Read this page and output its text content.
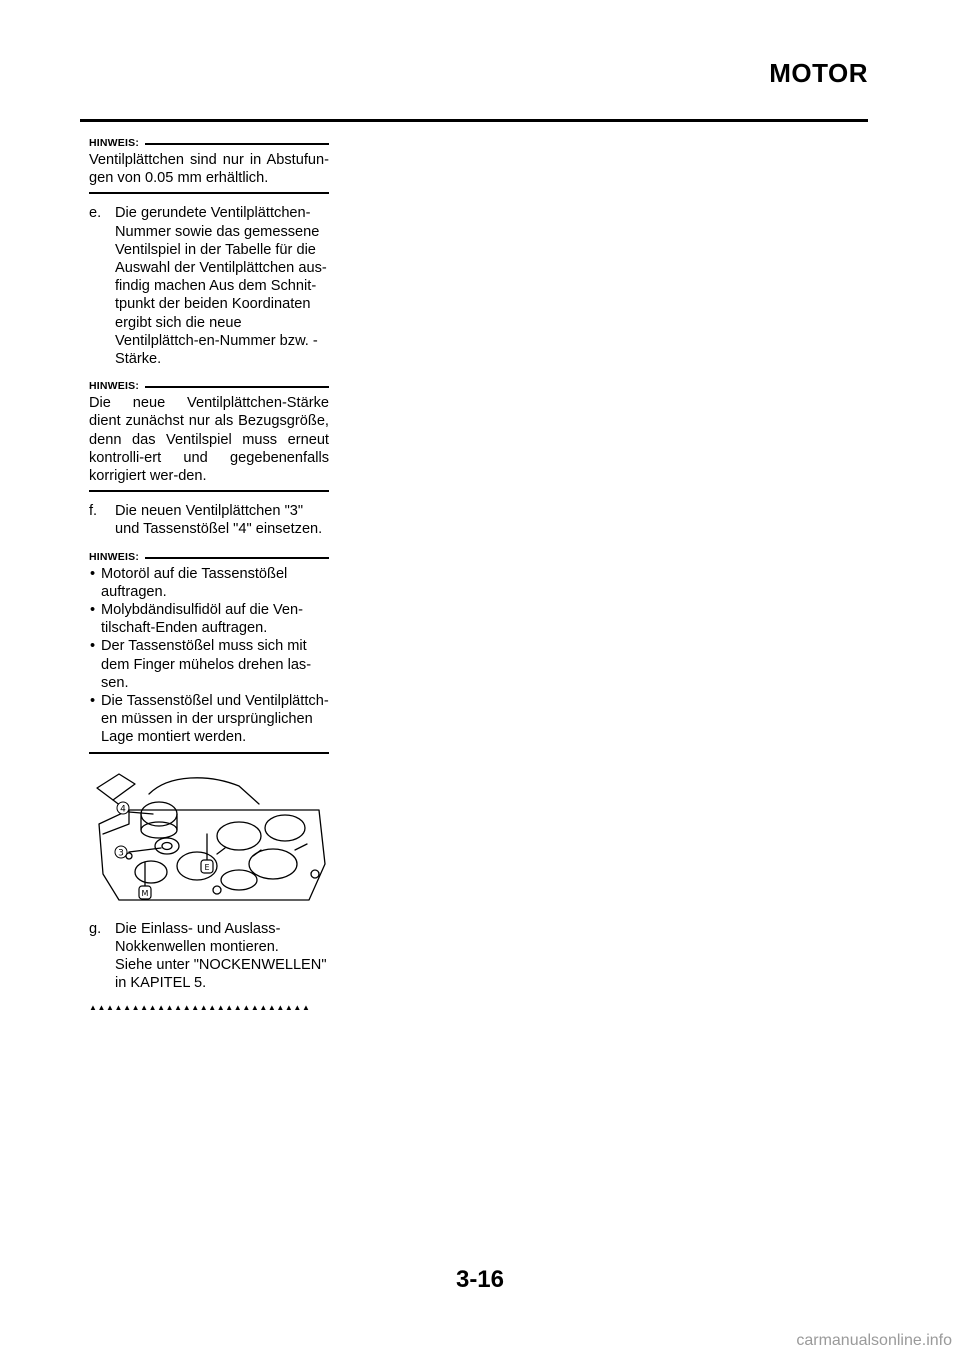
MOTOR
HINWEIS:
Ventilplättchen sind nur in Abstufun-gen von 0.05 mm erhältlich.
e. Die gerundete Ventilplättchen-Nummer sowie das gemessene Ventilspiel in der Tabelle für die Auswahl der Ventilplättchen aus-findig machen Aus dem Schnit-tpunkt der beiden Koordinaten ergibt sich die neue Ventilplättch-en-Nummer bzw. -Stärke.
HINWEIS:
Die neue Ventilplättchen-Stärke dient zunächst nur als Bezugsgröße, denn das Ventilspiel muss erneut kontrolli-ert und gegebenenfalls korrigiert wer-den.
f. Die neuen Ventilplättchen "3" und Tassenstößel "4" einsetzen.
HINWEIS:
• Motoröl auf die Tassenstößel auftragen.
• Molybdändisulfidöl auf die Ven-tilschaft-Enden auftragen.
• Der Tassenstößel muss sich mit dem Finger mühelos drehen las-sen.
• Die Tassenstößel und Ventilplättch-en müssen in der ursprünglichen Lage montiert werden.
4
3
E
M
g. Die Einlass- und Auslass-Nokkenwellen montieren.
Siehe unter "NOCKENWELLEN" in KAPITEL 5.
▲▲▲▲▲▲▲▲▲▲▲▲▲▲▲▲▲▲▲▲▲▲▲▲▲▲
3-16
carmanualsonline.info
